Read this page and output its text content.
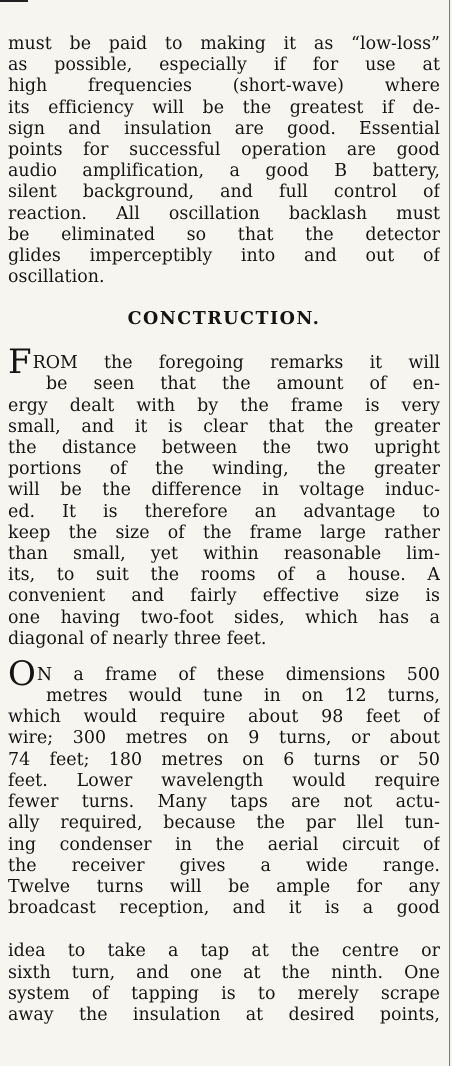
must be paid to making it as “low-loss”
as possible, especially if for use at
high frequencies (short-wave) where
its efficiency will be the greatest if de-
sign and insulation are good. Essential
points for successful operation are good
audio amplification, a good B battery,
silent background, and full control of
reaction. All oscillation backlash must
be eliminated so that the detector
glides imperceptibly into and out of
oscillation.
CONCTRUCTION.
F ROM the foregoing remarks it will
be seen that the amount of en-
ergy dealt with by the frame is very
small, and it is clear that the greater
the distance between the two upright
portions of the winding, the greater
will be the difference in voltage induc-
ed. It is therefore an advantage to
keep the size of the frame large rather
than small, yet within reasonable lim-
its, to suit the rooms of a house. A
convenient and fairly effective size is
one having two-foot sides, which has a
diagonal of nearly three feet.
O N a frame of these dimensions 500
metres would tune in on 12 turns,
which would require about 98 feet of
wire; 300 metres on 9 turns, or about
74 feet; 180 metres on 6 turns or 50
feet. Lower wavelength would require
fewer turns. Many taps are not actu-
ally required, because the par llel tun-
ing condenser in the aerial circuit of
the receiver gives a wide range.
Twelve turns will be ample for any
broadcast reception, and it is a good
idea to take a tap at the centre or
sixth turn, and one at the ninth. One
system of tapping is to merely scrape
away the insulation at desired points,
